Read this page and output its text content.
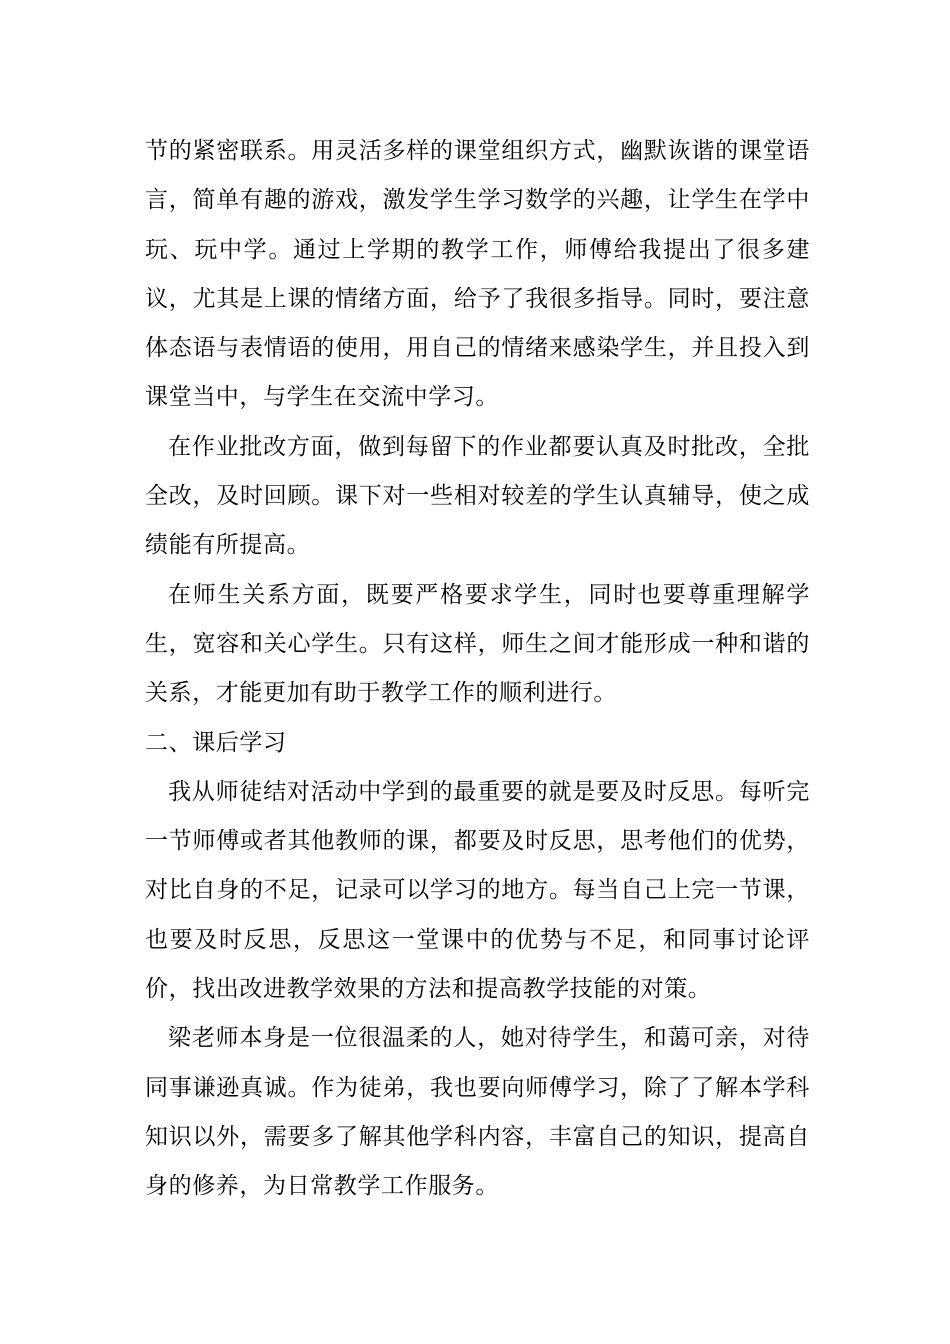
节的紧密联系。用灵活多样的课堂组织方式，幽默诙谐的课堂语言，简单有趣的游戏，激发学生学习数学的兴趣，让学生在学中玩、玩中学。通过上学期的教学工作，师傅给我提出了很多建议，尤其是上课的情绪方面，给予了我很多指导。同时，要注意体态语与表情语的使用，用自己的情绪来感染学生，并且投入到课堂当中，与学生在交流中学习。

在作业批改方面，做到每留下的作业都要认真及时批改，全批全改，及时回顾。课下对一些相对较差的学生认真辅导，使之成绩能有所提高。

在师生关系方面，既要严格要求学生，同时也要尊重理解学生，宽容和关心学生。只有这样，师生之间才能形成一种和谐的关系，才能更加有助于教学工作的顺利进行。

二、课后学习

我从师徒结对活动中学到的最重要的就是要及时反思。每听完一节师傅或者其他教师的课，都要及时反思，思考他们的优势，对比自身的不足，记录可以学习的地方。每当自己上完一节课，也要及时反思，反思这一堂课中的优势与不足，和同事讨论评价，找出改进教学效果的方法和提高教学技能的对策。

梁老师本身是一位很温柔的人，她对待学生，和蔼可亲，对待同事谦逊真诚。作为徒弟，我也要向师傅学习，除了了解本学科知识以外，需要多了解其他学科内容，丰富自己的知识，提高自身的修养，为日常教学工作服务。
